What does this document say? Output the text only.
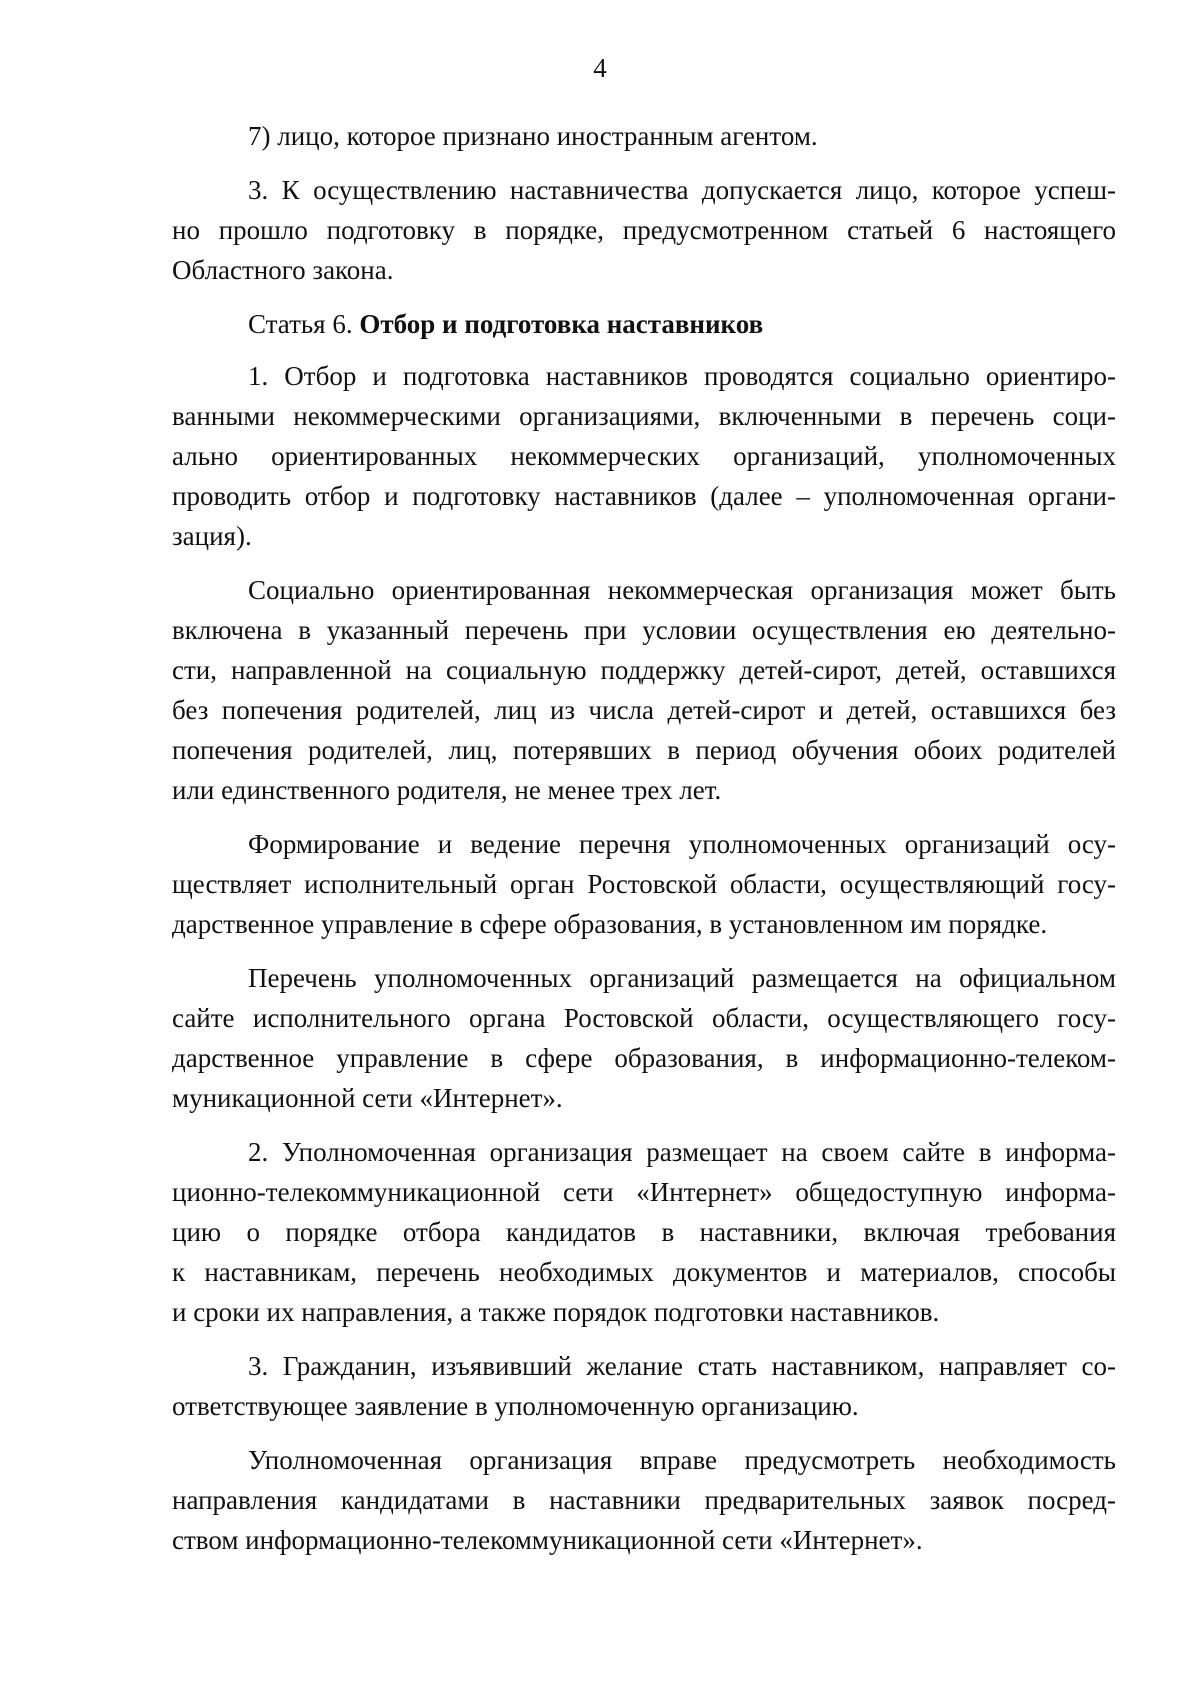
4
7) лицо, которое признано иностранным агентом.
3. К осуществлению наставничества допускается лицо, которое успеш-
но прошло подготовку в порядке, предусмотренном статьей 6 настоящего
Областного закона.
Статья 6. Отбор и подготовка наставников
1. Отбор и подготовка наставников проводятся социально ориентиро-
ванными некоммерческими организациями, включенными в перечень соци-
ально ориентированных некоммерческих организаций, уполномоченных
проводить отбор и подготовку наставников (далее – уполномоченная органи-
зация).
Социально ориентированная некоммерческая организация может быть
включена в указанный перечень при условии осуществления ею деятельно-
сти, направленной на социальную поддержку детей-сирот, детей, оставшихся
без попечения родителей, лиц из числа детей-сирот и детей, оставшихся без
попечения родителей, лиц, потерявших в период обучения обоих родителей
или единственного родителя, не менее трех лет.
Формирование и ведение перечня уполномоченных организаций осу-
ществляет исполнительный орган Ростовской области, осуществляющий госу-
дарственное управление в сфере образования, в установленном им порядке.
Перечень уполномоченных организаций размещается на официальном
сайте исполнительного органа Ростовской области, осуществляющего госу-
дарственное управление в сфере образования, в информационно-телеком-
муникационной сети «Интернет».
2. Уполномоченная организация размещает на своем сайте в информа-
ционно-телекоммуникационной сети «Интернет» общедоступную информа-
цию о порядке отбора кандидатов в наставники, включая требования
к наставникам, перечень необходимых документов и материалов, способы
и сроки их направления, а также порядок подготовки наставников.
3. Гражданин, изъявивший желание стать наставником, направляет со-
ответствующее заявление в уполномоченную организацию.
Уполномоченная организация вправе предусмотреть необходимость
направления кандидатами в наставники предварительных заявок посред-
ством информационно-телекоммуникационной сети «Интернет».
